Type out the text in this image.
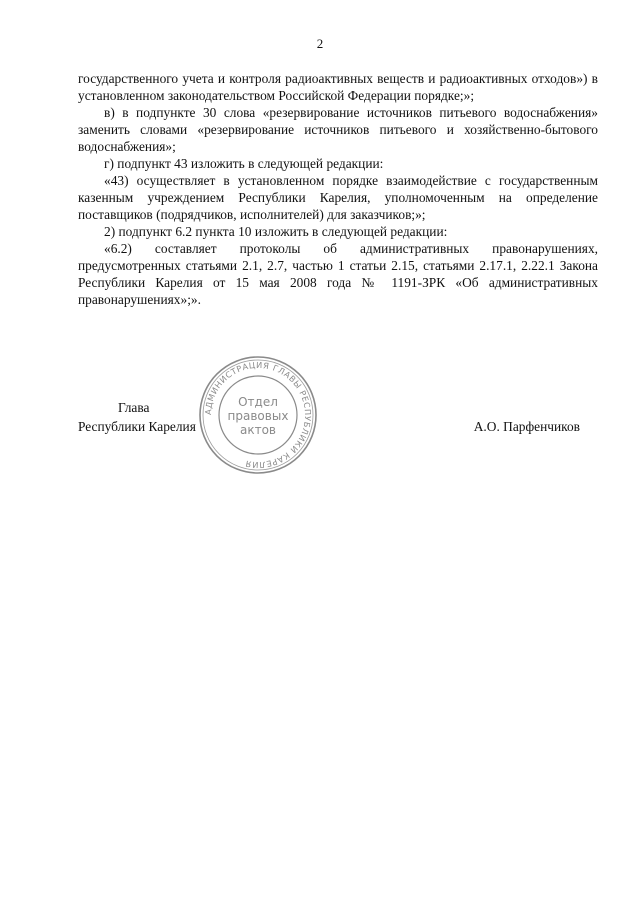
2

государственного учета и контроля радиоактивных веществ и радиоактивных отходов») в установленном законодательством Российской Федерации порядке;»;

в) в подпункте 30 слова «резервирование источников питьевого водоснабжения» заменить словами «резервирование источников питьевого и хозяйственно-бытового водоснабжения»;

г) подпункт 43 изложить в следующей редакции:

«43) осуществляет в установленном порядке взаимодействие с государственным казенным учреждением Республики Карелия, уполномоченным на определение поставщиков (подрядчиков, исполнителей) для заказчиков;»;

2) подпункт 6.2 пункта 10 изложить в следующей редакции:

«6.2) составляет протоколы об административных правонарушениях, предусмотренных статьями 2.1, 2.7, частью 1 статьи 2.15, статьями 2.17.1, 2.22.1 Закона Республики Карелия от 15 мая 2008 года № 1191-ЗРК «Об административных правонарушениях»;».

АДМИНИСТРАЦИЯ ГЛАВЫ РЕСПУБЛИКИ КАРЕЛИЯ
Отдел
правовых
актов
Глава
Республики Карелия	А.О. Парфенчиков
